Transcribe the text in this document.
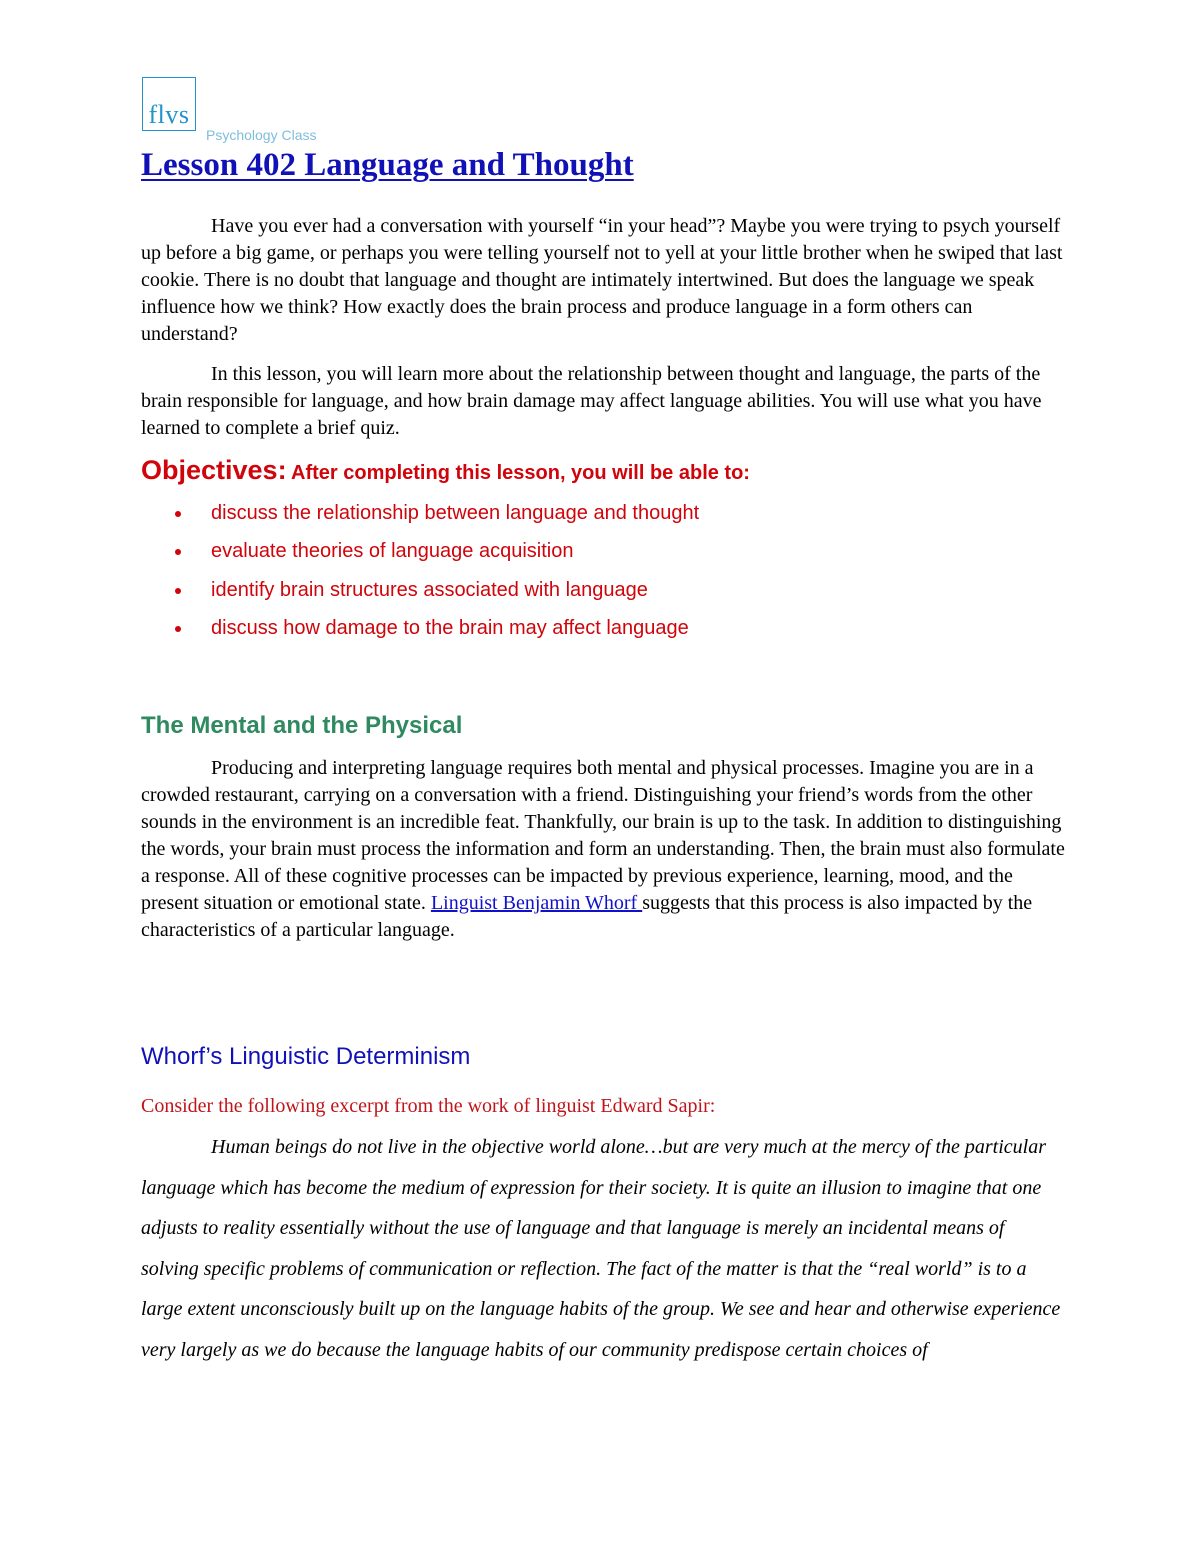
flvs
Psychology Class
Lesson 402 Language and Thought

Have you ever had a conversation with yourself “in your head”? Maybe you were trying to psych yourself up before a big game, or perhaps you were telling yourself not to yell at your little brother when he swiped that last cookie. There is no doubt that language and thought are intimately intertwined. But does the language we speak influence how we think? How exactly does the brain process and produce language in a form others can understand?

In this lesson, you will learn more about the relationship between thought and language, the parts of the brain responsible for language, and how brain damage may affect language abilities. You will use what you have learned to complete a brief quiz.

Objectives: After completing this lesson, you will be able to:

discuss the relationship between language and thought
evaluate theories of language acquisition
identify brain structures associated with language
discuss how damage to the brain may affect language
The Mental and the Physical

Producing and interpreting language requires both mental and physical processes. Imagine you are in a crowded restaurant, carrying on a conversation with a friend. Distinguishing your friend’s words from the other sounds in the environment is an incredible feat. Thankfully, our brain is up to the task. In addition to distinguishing the words, your brain must process the information and form an understanding. Then, the brain must also formulate a response. All of these cognitive processes can be impacted by previous experience, learning, mood, and the present situation or emotional state. Linguist Benjamin Whorf suggests that this process is also impacted by the characteristics of a particular language.

Whorf’s Linguistic Determinism

Consider the following excerpt from the work of linguist Edward Sapir:

Human beings do not live in the objective world alone…but are very much at the mercy of the particular language which has become the medium of expression for their society. It is quite an illusion to imagine that one adjusts to reality essentially without the use of language and that language is merely an incidental means of solving specific problems of communication or reflection. The fact of the matter is that the “real world” is to a large extent unconsciously built up on the language habits of the group. We see and hear and otherwise experience very largely as we do because the language habits of our community predispose certain choices of
